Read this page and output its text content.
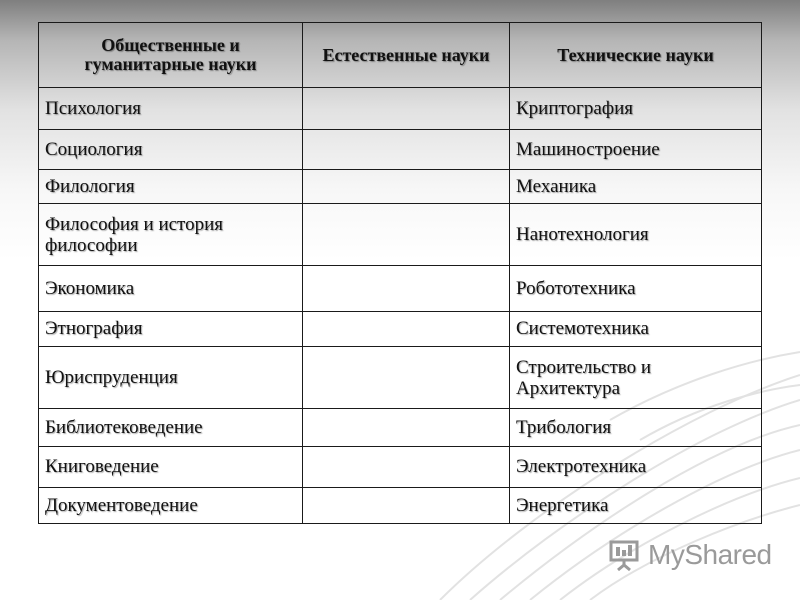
Общественные и гуманитарные науки	Естественные науки	Технические науки
Психология		Криптография
Социология		Машиностроение
Филология		Механика
Философия и история философии		Нанотехнология
Экономика		Робототехника
Этнография		Системотехника
Юриспруденция		Строительство и Архитектура
Библиотековедение		Трибология
Книговедение		Электротехника
Документоведение		Энергетика
MyShared
